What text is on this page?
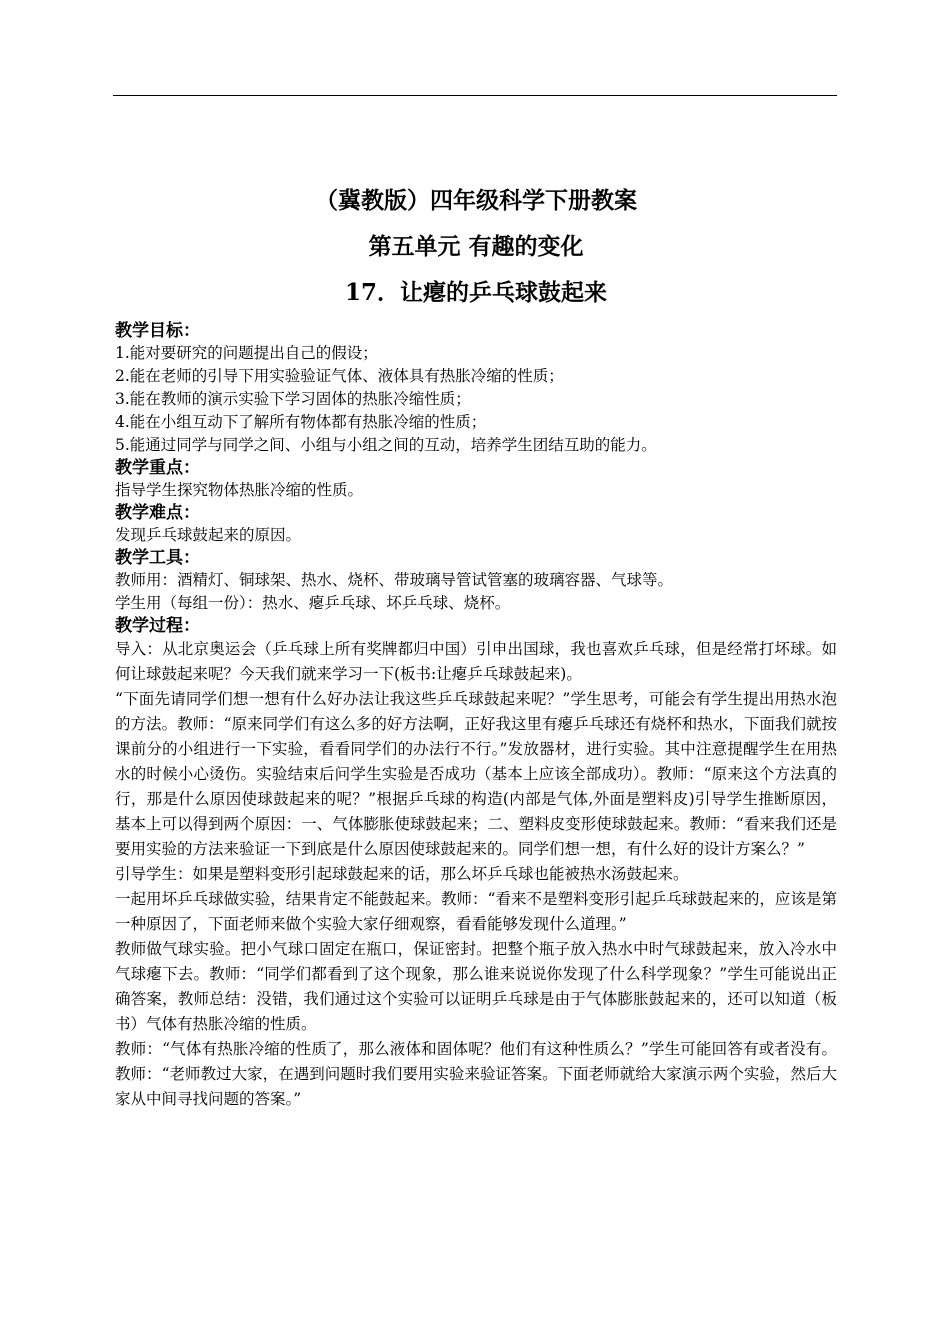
（冀教版）四年级科学下册教案
第五单元 有趣的变化
17．让瘪的乒乓球鼓起来

教学目标：

1.能对要研究的问题提出自己的假设；

2.能在老师的引导下用实验验证气体、液体具有热胀冷缩的性质；

3.能在教师的演示实验下学习固体的热胀冷缩性质；

4.能在小组互动下了解所有物体都有热胀冷缩的性质；

5.能通过同学与同学之间、小组与小组之间的互动，培养学生团结互助的能力。

教学重点：

指导学生探究物体热胀冷缩的性质。

教学难点：

发现乒乓球鼓起来的原因。

教学工具：

教师用：酒精灯、铜球架、热水、烧杯、带玻璃导管试管塞的玻璃容器、气球等。

学生用（每组一份）：热水、瘪乒乓球、坏乒乓球、烧杯。

教学过程：

导入：从北京奥运会（乒乓球上所有奖牌都归中国）引申出国球，我也喜欢乒乓球，但是经常打坏球。如何让球鼓起来呢？今天我们就来学习一下(板书:让瘪乒乓球鼓起来)。

“下面先请同学们想一想有什么好办法让我这些乒乓球鼓起来呢？”学生思考，可能会有学生提出用热水泡的方法。教师：“原来同学们有这么多的好方法啊，正好我这里有瘪乒乓球还有烧杯和热水，下面我们就按课前分的小组进行一下实验，看看同学们的办法行不行。”发放器材，进行实验。其中注意提醒学生在用热水的时候小心烫伤。实验结束后问学生实验是否成功（基本上应该全部成功）。教师：“原来这个方法真的行，那是什么原因使球鼓起来的呢？”根据乒乓球的构造(内部是气体,外面是塑料皮)引导学生推断原因，基本上可以得到两个原因：一、气体膨胀使球鼓起来；二、塑料皮变形使球鼓起来。教师：“看来我们还是要用实验的方法来验证一下到底是什么原因使球鼓起来的。同学们想一想，有什么好的设计方案么？”

引导学生：如果是塑料变形引起球鼓起来的话，那么坏乒乓球也能被热水汤鼓起来。

一起用坏乒乓球做实验，结果肯定不能鼓起来。教师：“看来不是塑料变形引起乒乓球鼓起来的，应该是第一种原因了，下面老师来做个实验大家仔细观察，看看能够发现什么道理。”

教师做气球实验。把小气球口固定在瓶口，保证密封。把整个瓶子放入热水中时气球鼓起来，放入冷水中气球瘪下去。教师：“同学们都看到了这个现象，那么谁来说说你发现了什么科学现象？”学生可能说出正确答案，教师总结：没错，我们通过这个实验可以证明乒乓球是由于气体膨胀鼓起来的，还可以知道（板书）气体有热胀冷缩的性质。

教师：“气体有热胀冷缩的性质了，那么液体和固体呢？他们有这种性质么？”学生可能回答有或者没有。教师：“老师教过大家，在遇到问题时我们要用实验来验证答案。下面老师就给大家演示两个实验，然后大家从中间寻找问题的答案。”
